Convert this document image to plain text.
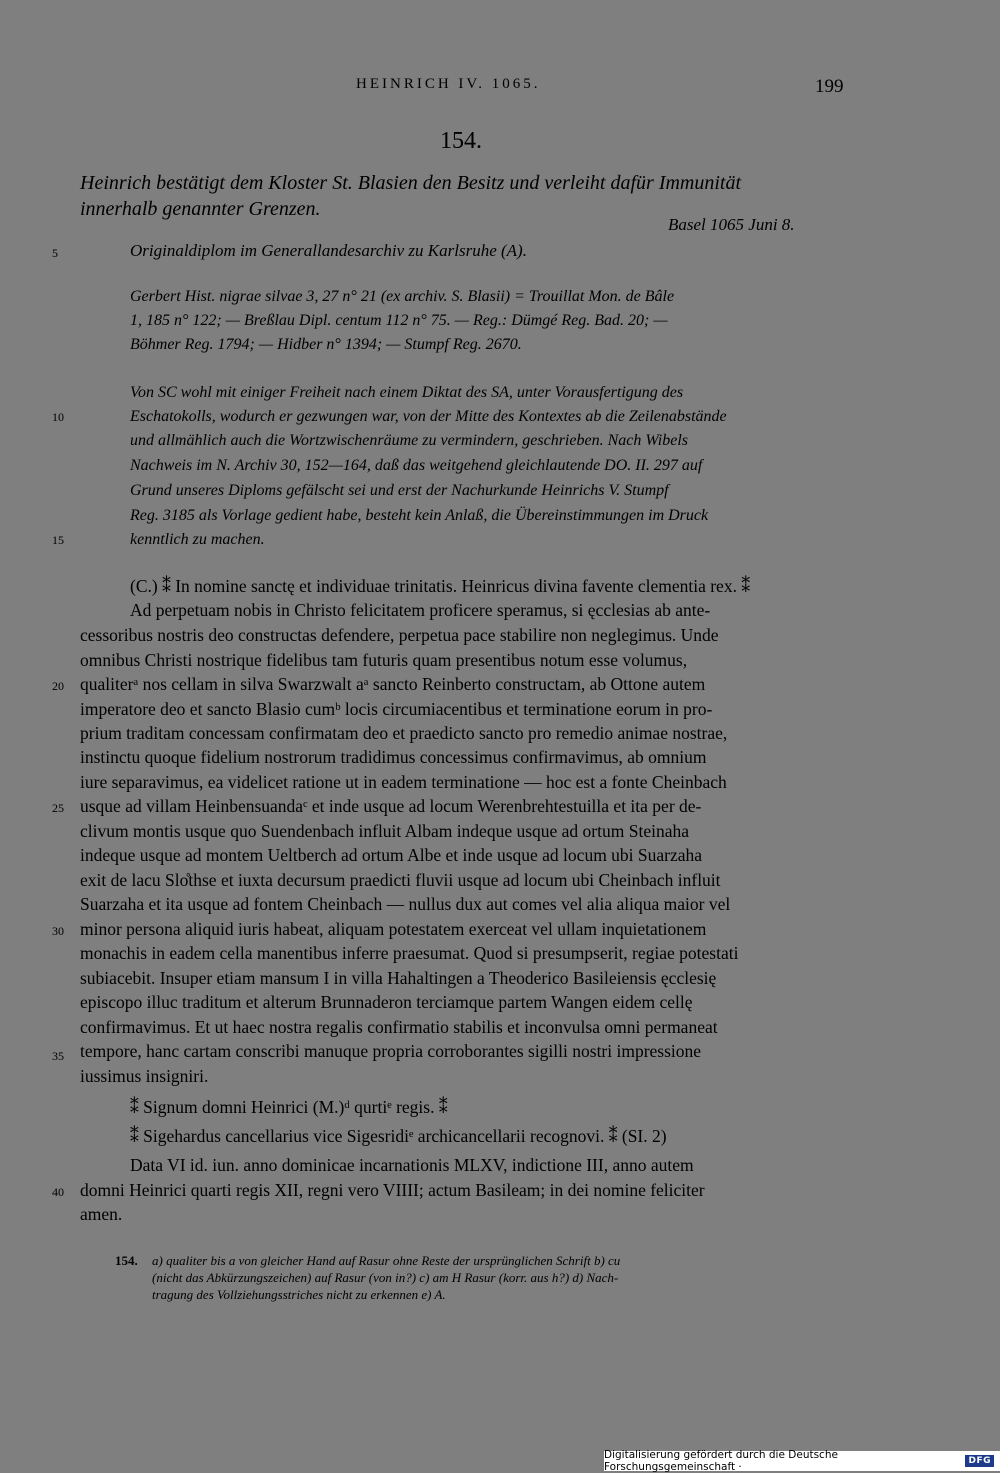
HEINRICH IV. 1065.	199
154.
Heinrich bestätigt dem Kloster St. Blasien den Besitz und verleiht dafür Immunität
innerhalb genannter Grenzen.
Basel 1065 Juni 8.
5
10
15
20
25
30
35
40
Originaldiplom im Generallandesarchiv zu Karlsruhe (A).
Gerbert Hist. nigrae silvae 3, 27 n° 21 (ex archiv. S. Blasii) = Trouillat Mon. de Bâle
1, 185 n° 122; — Breßlau Dipl. centum 112 n° 75. — Reg.: Dümgé Reg. Bad. 20; —
Böhmer Reg. 1794; — Hidber n° 1394; — Stumpf Reg. 2670.
Von SC wohl mit einiger Freiheit nach einem Diktat des SA, unter Vorausfertigung des
Eschatokolls, wodurch er gezwungen war, von der Mitte des Kontextes ab die Zeilenabstände
und allmählich auch die Wortzwischenräume zu vermindern, geschrieben. Nach Wibels
Nachweis im N. Archiv 30, 152—164, daß das weitgehend gleichlautende DO. II. 297 auf
Grund unseres Diploms gefälscht sei und erst der Nachurkunde Heinrichs V. Stumpf
Reg. 3185 als Vorlage gedient habe, besteht kein Anlaß, die Übereinstimmungen im Druck
kenntlich zu machen.
(C.) ⁑ In nomine sanctę et individuae trinitatis. Heinricus divina favente clementia rex. ⁑
Ad perpetuam nobis in Christo felicitatem proficere speramus, si ęcclesias ab ante-
cessoribus nostris deo constructas defendere, perpetua pace stabilire non neglegimus. Unde
omnibus Christi nostrique fidelibus tam futuris quam presentibus notum esse volumus,
qualiterᵃ nos cellam in silva Swarzwalt aᵃ sancto Reinberto constructam, ab Ottone autem
imperatore deo et sancto Blasio cumᵇ locis circumiacentibus et terminatione eorum in pro-
prium traditam concessam confirmatam deo et praedicto sancto pro remedio animae nostrae,
instinctu quoque fidelium nostrorum tradidimus concessimus confirmavimus, ab omnium
iure separavimus, ea videlicet ratione ut in eadem terminatione — hoc est a fonte Cheinbach
usque ad villam Heinbensuandaᶜ et inde usque ad locum Werenbrehtestuilla et ita per de-
clivum montis usque quo Suendenbach influit Albam indeque usque ad ortum Steinaha
indeque usque ad montem Ueltberch ad ortum Albe et inde usque ad locum ubi Suarzaha
exit de lacu Slo̊thse et iuxta decursum praedicti fluvii usque ad locum ubi Cheinbach influit
Suarzaha et ita usque ad fontem Cheinbach — nullus dux aut comes vel alia aliqua maior vel
minor persona aliquid iuris habeat, aliquam potestatem exerceat vel ullam inquietationem
monachis in eadem cella manentibus inferre praesumat. Quod si presumpserit, regiae potestati
subiacebit. Insuper etiam mansum I in villa Hahaltingen a Theoderico Basileiensis ęcclesię
episcopo illuc traditum et alterum Brunnaderon terciamque partem Wangen eidem cellę
confirmavimus. Et ut haec nostra regalis confirmatio stabilis et inconvulsa omni permaneat
tempore, hanc cartam conscribi manuque propria corroborantes sigilli nostri impressione
iussimus insigniri.
⁑ Signum domni Heinrici (M.)ᵈ qurtiᵉ regis. ⁑
⁑ Sigehardus cancellarius vice Sigesridiᵉ archicancellarii recognovi. ⁑ (SI. 2)
Data VI id. iun. anno dominicae incarnationis MLXV, indictione III, anno autem
domni Heinrici quarti regis XII, regni vero VIIII; actum Basileam; in dei nomine feliciter
amen.
154. a) qualiter bis a von gleicher Hand auf Rasur ohne Reste der ursprünglichen Schrift b) cu
(nicht das Abkürzungszeichen) auf Rasur (von in?) c) am H Rasur (korr. aus h?) d) Nach-
tragung des Vollziehungsstriches nicht zu erkennen e) A.
Digitalisierung gefördert durch die Deutsche Forschungsgemeinschaft ·	DFG
